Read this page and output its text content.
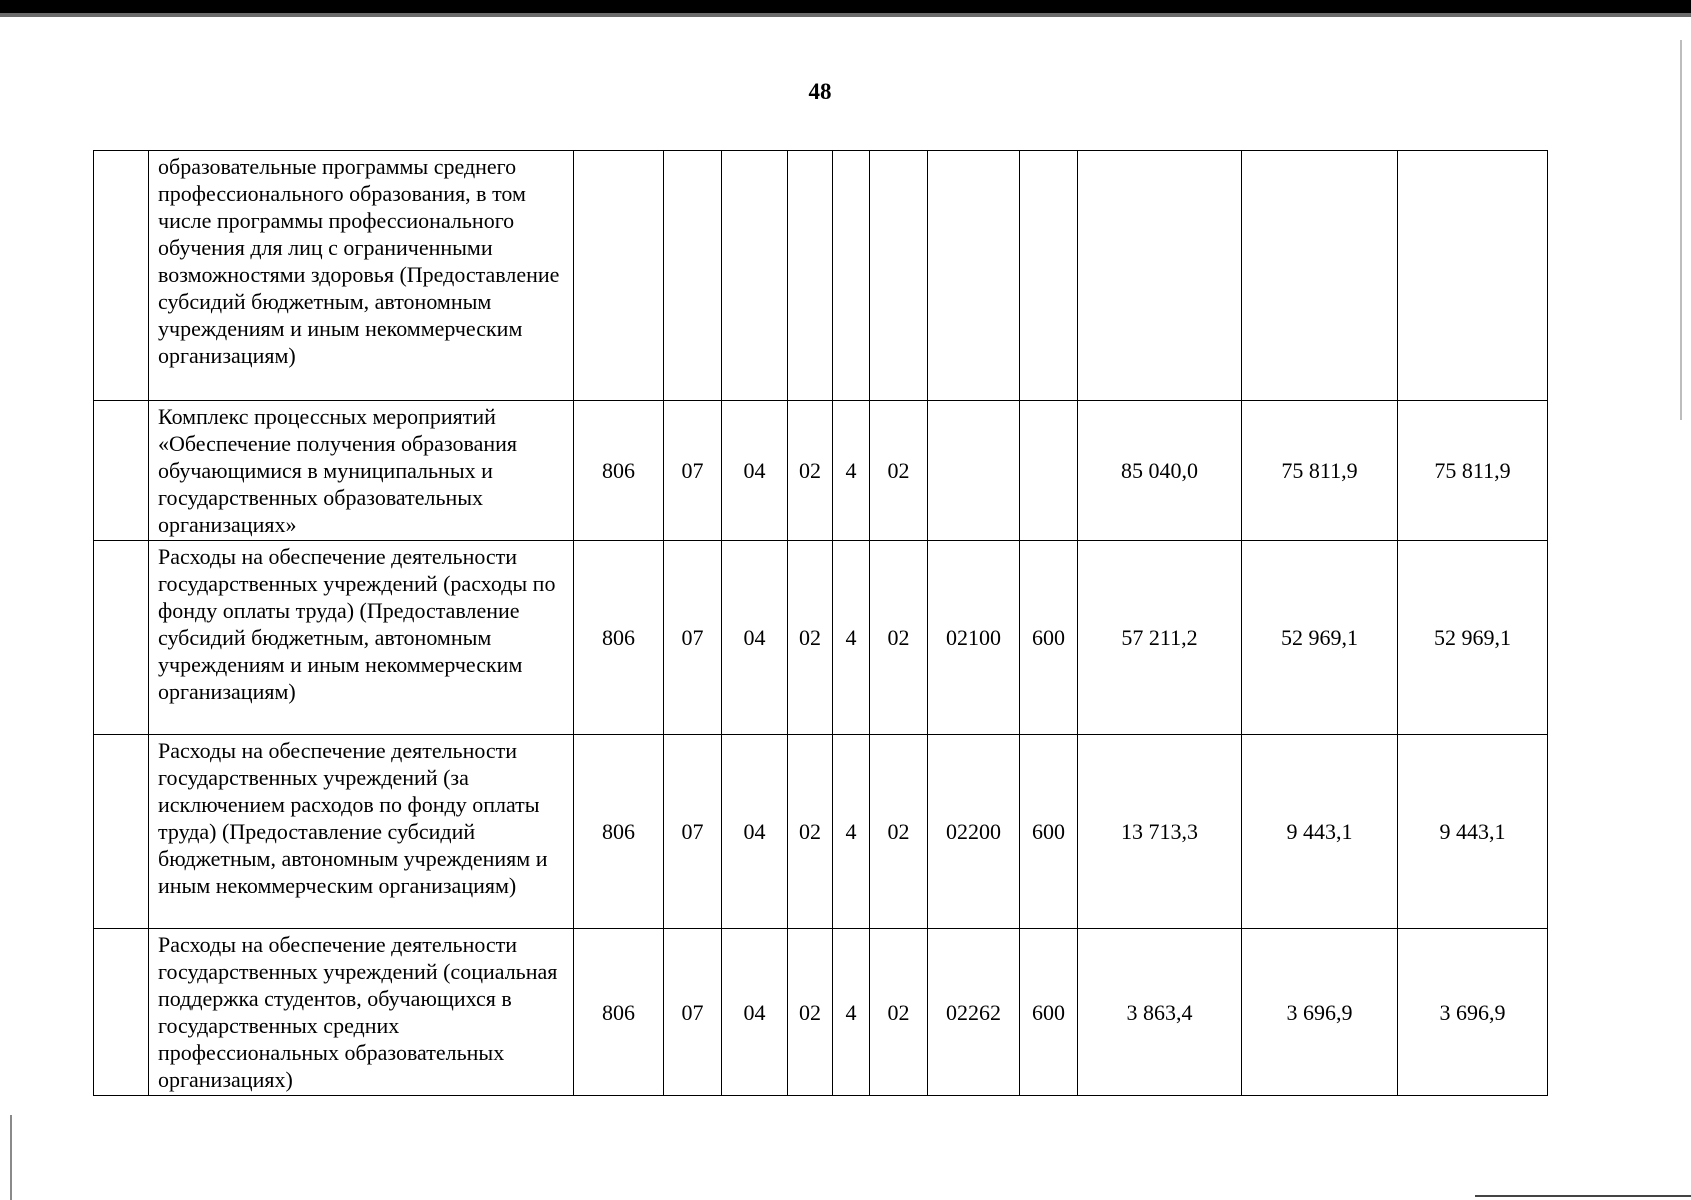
48
	образовательные программы среднего профессионального образования, в том числе программы профессионального обучения для лиц с ограниченными возможностями здоровья (Предоставление субсидий бюджетным, автономным учреждениям и иным некоммерческим организациям)											
	Комплекс процессных мероприятий «Обеспечение получения образования обучающимися в муниципальных и государственных образовательных организациях»	806	07	04	02	4	02			85 040,0	75 811,9	75 811,9
	Расходы на обеспечение деятельности государственных учреждений (расходы по фонду оплаты труда) (Предоставление субсидий бюджетным, автономным учреждениям и иным некоммерческим организациям)	806	07	04	02	4	02	02100	600	57 211,2	52 969,1	52 969,1
	Расходы на обеспечение деятельности государственных учреждений (за исключением расходов по фонду оплаты труда) (Предоставление субсидий бюджетным, автономным учреждениям и иным некоммерческим организациям)	806	07	04	02	4	02	02200	600	13 713,3	9 443,1	9 443,1
	Расходы на обеспечение деятельности государственных учреждений (социальная поддержка студентов, обучающихся в государственных средних профессиональных образовательных организациях)	806	07	04	02	4	02	02262	600	3 863,4	3 696,9	3 696,9
